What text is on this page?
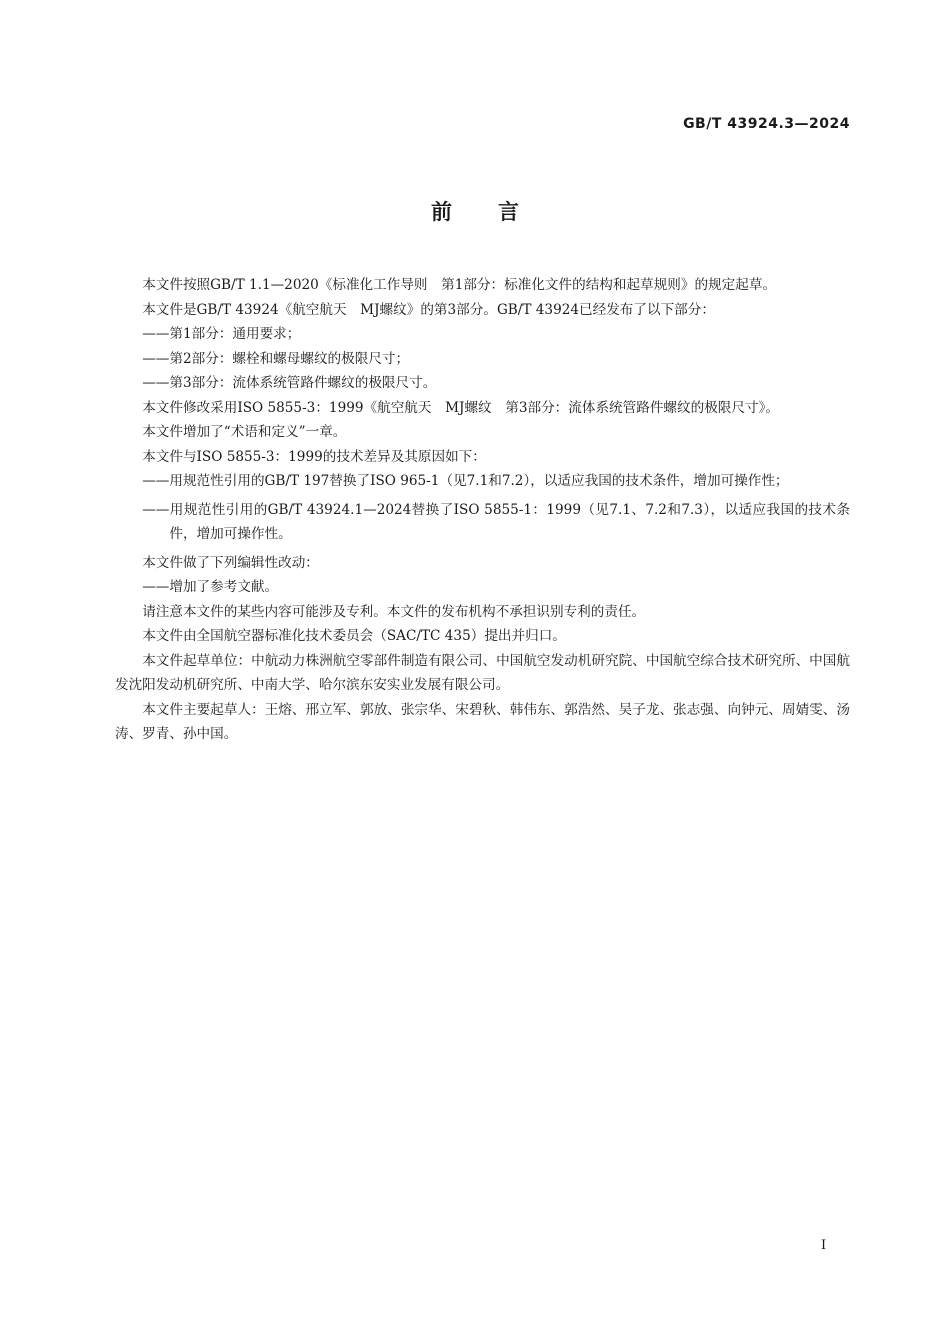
GB/T 43924.3—2024
前言

本文件按照GB/T 1.1—2020《标准化工作导则　第1部分：标准化文件的结构和起草规则》的规定起草。

本文件是GB/T 43924《航空航天　MJ螺纹》的第3部分。GB/T 43924已经发布了以下部分：

——第1部分：通用要求；

——第2部分：螺栓和螺母螺纹的极限尺寸；

——第3部分：流体系统管路件螺纹的极限尺寸。

本文件修改采用ISO 5855-3：1999《航空航天　MJ螺纹　第3部分：流体系统管路件螺纹的极限尺寸》。

本文件增加了“术语和定义”一章。

本文件与ISO 5855-3：1999的技术差异及其原因如下：

——用规范性引用的GB/T 197替换了ISO 965-1（见7.1和7.2），以适应我国的技术条件，增加可操作性；

——用规范性引用的GB/T 43924.1—2024替换了ISO 5855-1：1999（见7.1、7.2和7.3），以适应我国的技术条件，增加可操作性。

本文件做了下列编辑性改动：

——增加了参考文献。

请注意本文件的某些内容可能涉及专利。本文件的发布机构不承担识别专利的责任。

本文件由全国航空器标准化技术委员会（SAC/TC 435）提出并归口。

本文件起草单位：中航动力株洲航空零部件制造有限公司、中国航空发动机研究院、中国航空综合技术研究所、中国航发沈阳发动机研究所、中南大学、哈尔滨东安实业发展有限公司。

本文件主要起草人：王熔、邢立军、郭放、张宗华、宋碧秋、韩伟东、郭浩然、吴子龙、张志强、向钟元、周婧雯、汤涛、罗青、孙中国。

I
